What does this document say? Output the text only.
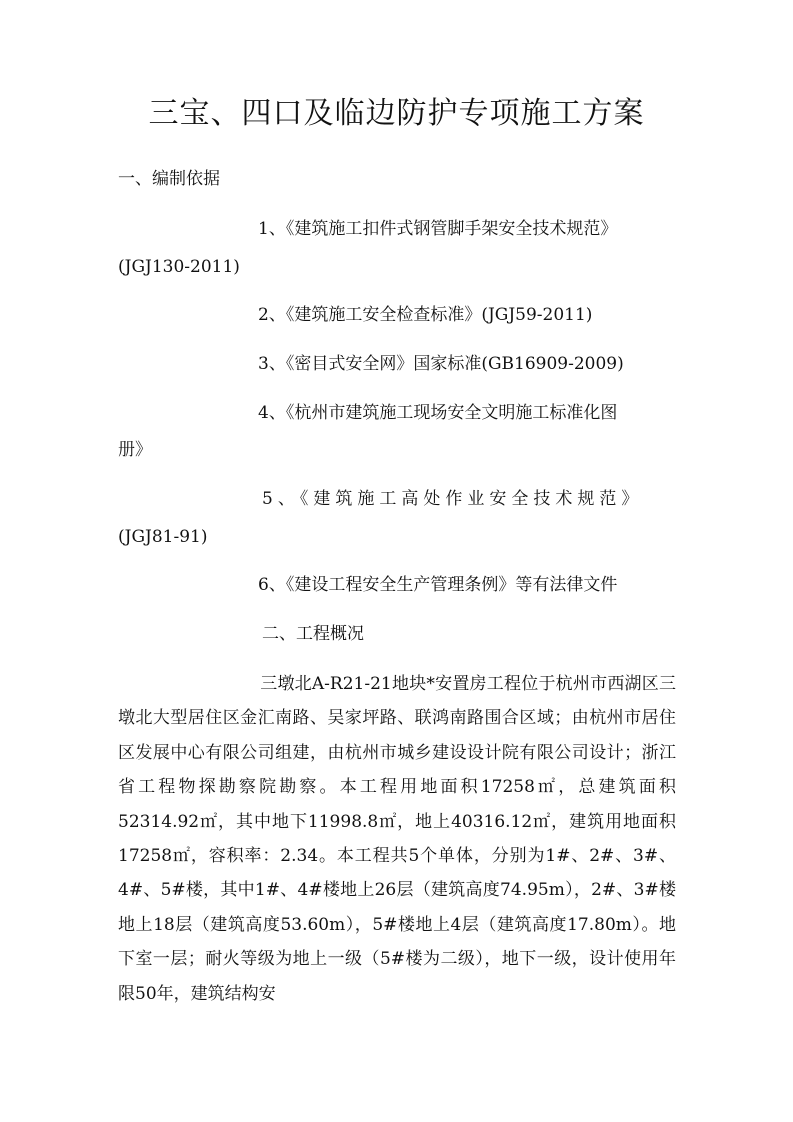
三宝、四口及临边防护专项施工方案
一、编制依据
1、《建筑施工扣件式钢管脚手架安全技术规范》
(JGJ130-2011)
2、《建筑施工安全检查标准》(JGJ59-2011)
3、《密目式安全网》国家标准(GB16909-2009)
4、《杭州市建筑施工现场安全文明施工标准化图
册》
5、《建筑施工高处作业安全技术规范》
(JGJ81-91)
6、《建设工程安全生产管理条例》等有法律文件
二、工程概况
三墩北A-R21-21地块*安置房工程位于杭州市西湖区三墩北大型居住区金汇南路、吴家坪路、联鸿南路围合区域；由杭州市居住区发展中心有限公司组建，由杭州市城乡建设设计院有限公司设计；浙江省工程物探勘察院勘察。本工程用地面积17258㎡，总建筑面积52314.92㎡，其中地下11998.8㎡，地上40316.12㎡，建筑用地面积17258㎡，容积率：2.34。本工程共5个单体，分别为1#、2#、3#、4#、5#楼，其中1#、4#楼地上26层（建筑高度74.95m），2#、3#楼地上18层（建筑高度53.60m），5#楼地上4层（建筑高度17.80m）。地下室一层；耐火等级为地上一级（5#楼为二级），地下一级，设计使用年限50年，建筑结构安
